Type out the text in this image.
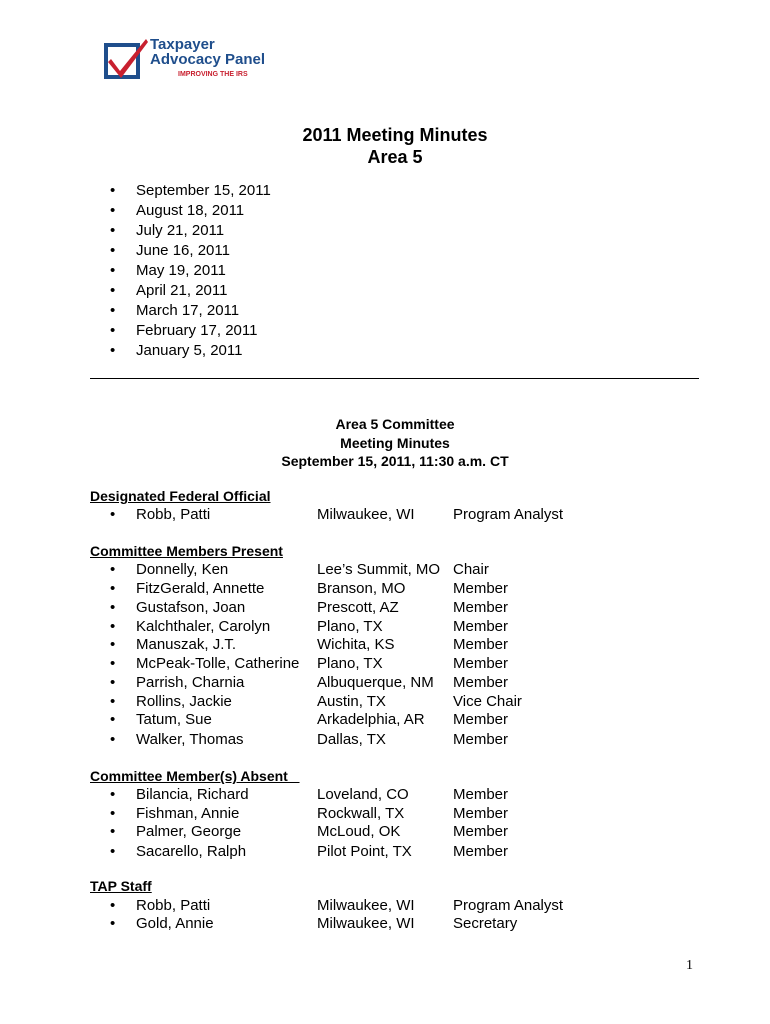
Taxpayer
Advocacy Panel
IMPROVING THE IRS
2011 Meeting Minutes
Area 5
• September 15, 2011
• August 18, 2011
• July 21, 2011
• June 16, 2011
• May 19, 2011
• April 21, 2011
• March 17, 2011
• February 17, 2011
• January 5, 2011
Area 5 Committee
Meeting Minutes
September 15, 2011, 11:30 a.m. CT
Designated Federal Official
• Robb, Patti	Milwaukee, WI	Program Analyst
Committee Members Present
• Donnelly, Ken	Lee’s Summit, MO Chair
• FitzGerald, Annette	Branson, MO	Member
• Gustafson, Joan	Prescott, AZ	Member
• Kalchthaler, Carolyn	Plano, TX	Member
• Manuszak, J.T.	Wichita, KS	Member
• McPeak-Tolle, Catherine Plano, TX	Member
• Parrish, Charnia	Albuquerque, NM Member
• Rollins, Jackie	Austin, TX	Vice Chair
• Tatum, Sue	Arkadelphia, AR Member
• Walker, Thomas	Dallas, TX	Member
Committee Member(s) Absent
• Bilancia, Richard	Loveland, CO	Member
• Fishman, Annie	Rockwall, TX	Member
• Palmer, George	McLoud, OK	Member
• Sacarello, Ralph	Pilot Point, TX	Member
TAP Staff
• Robb, Patti	Milwaukee, WI	Program Analyst
• Gold, Annie	Milwaukee, WI	Secretary
1
